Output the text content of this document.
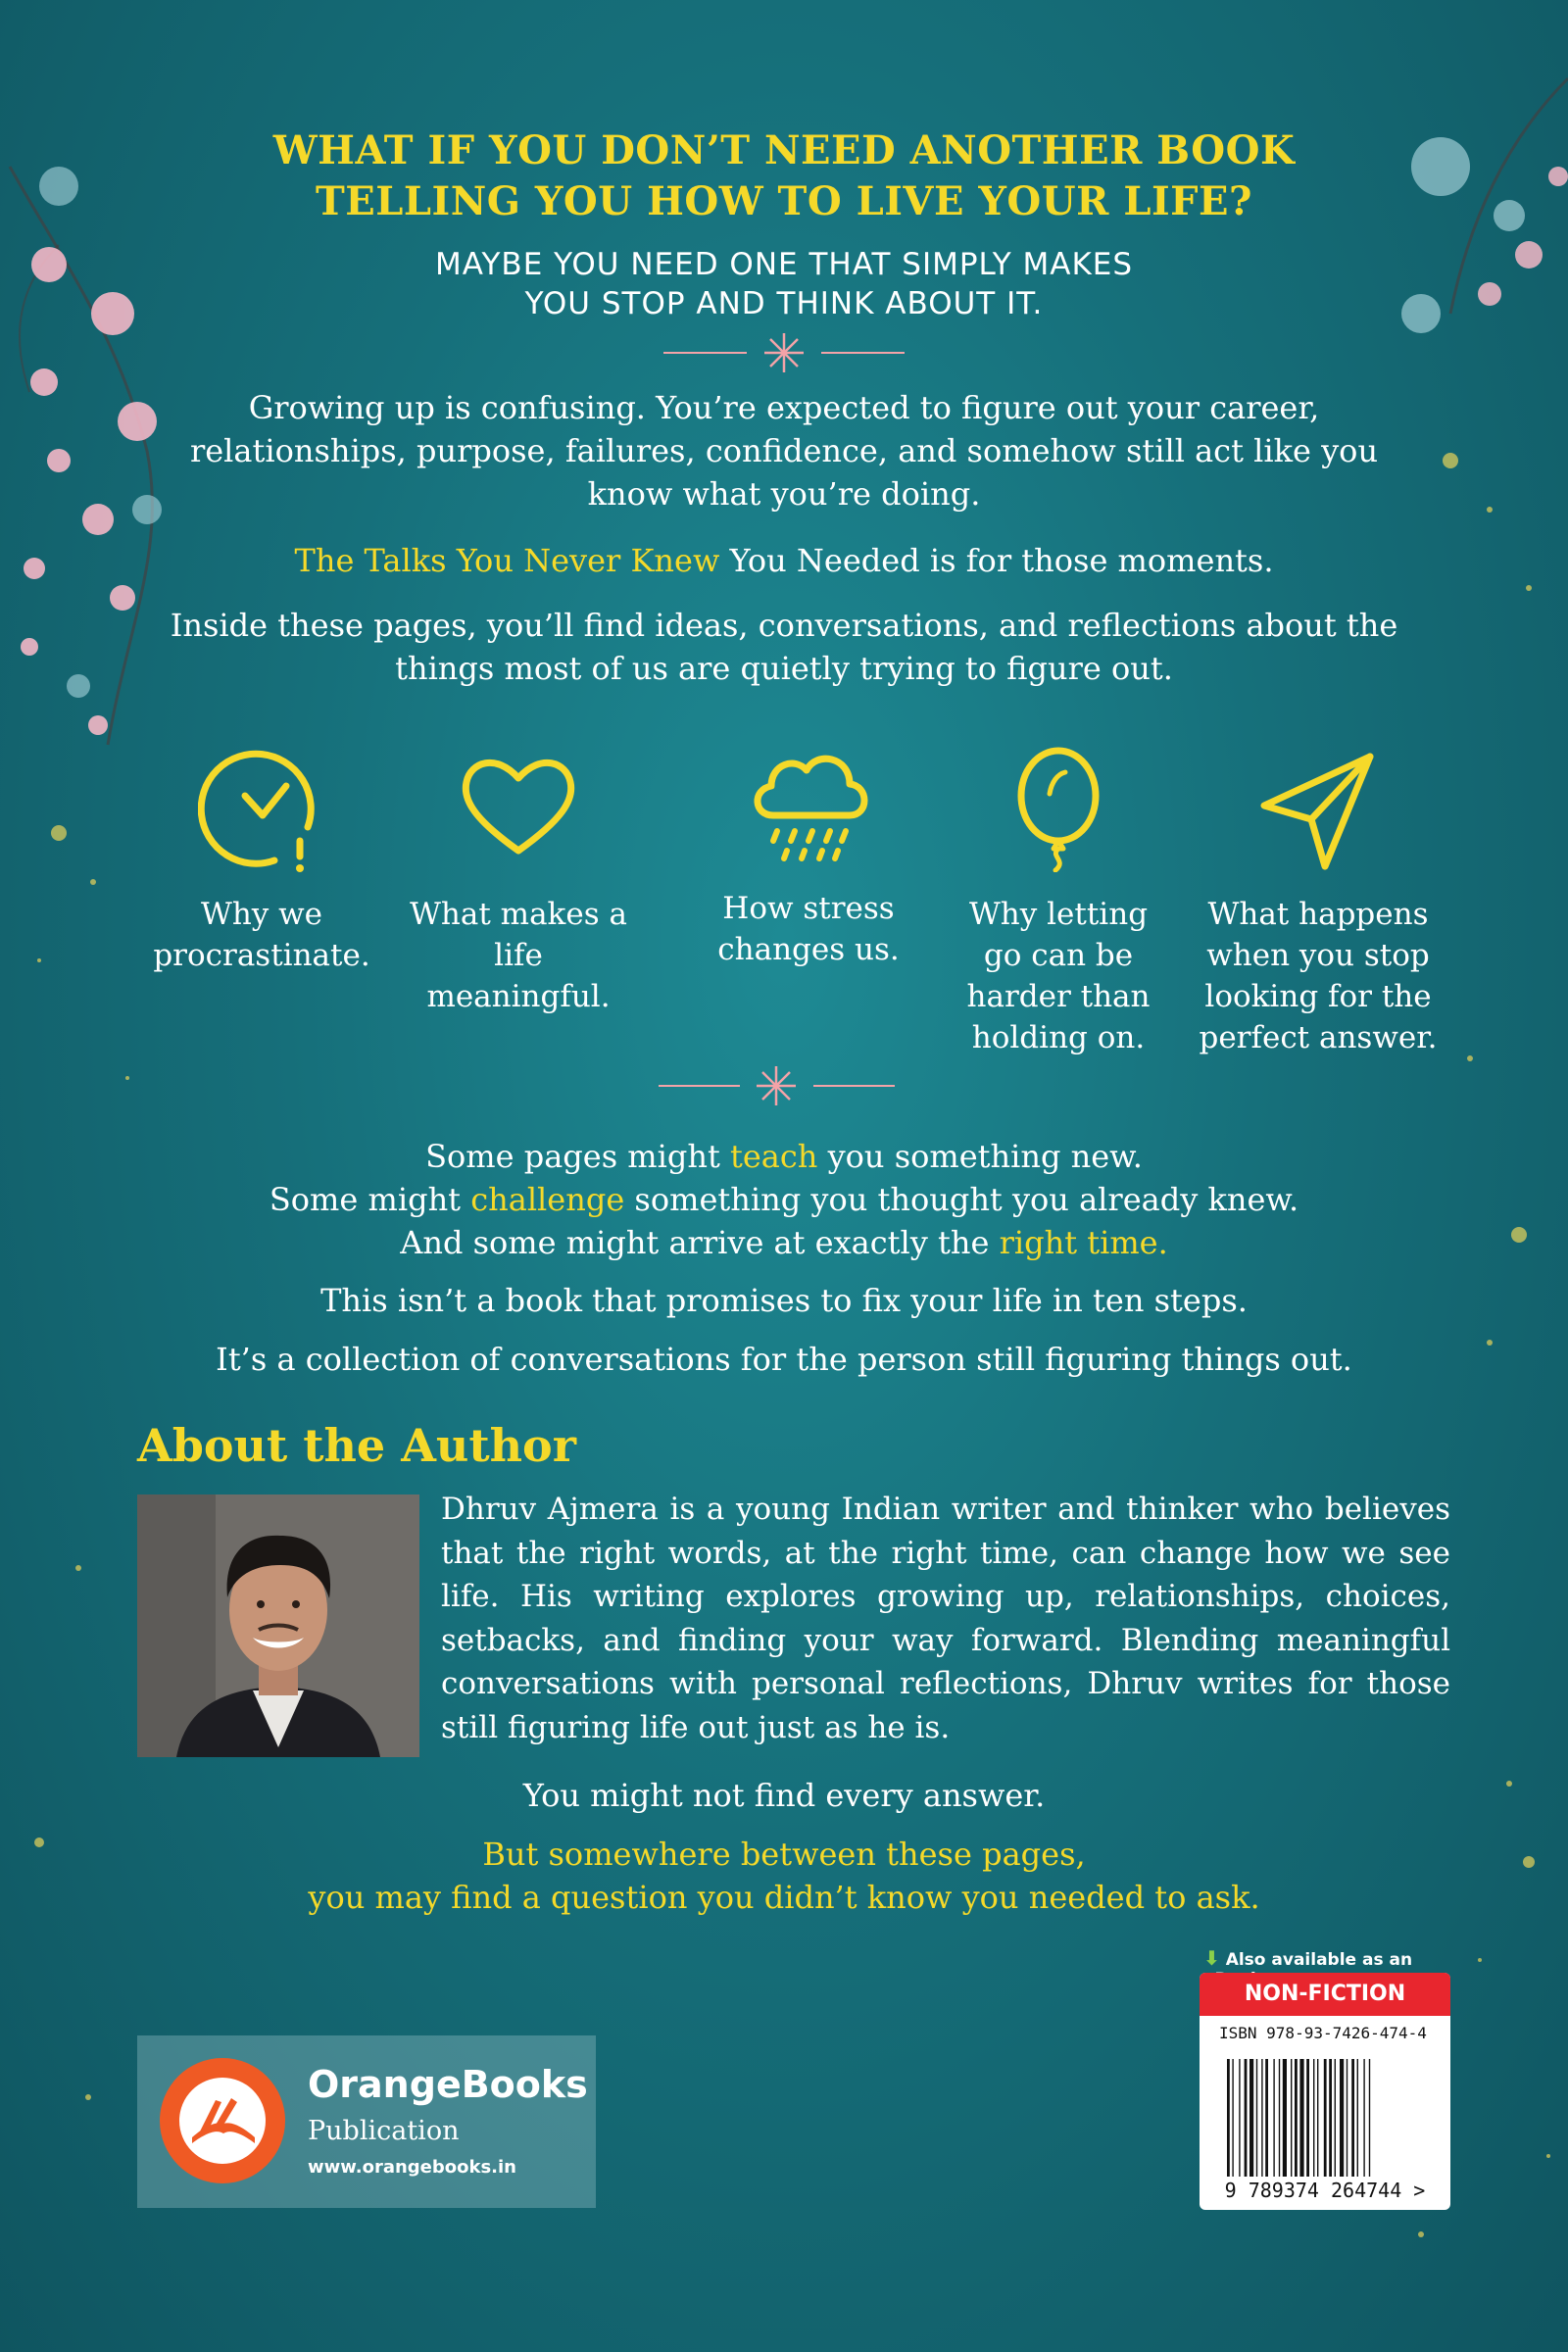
WHAT IF YOU DON’T NEED ANOTHER BOOK
TELLING YOU HOW TO LIVE YOUR LIFE?
MAYBE YOU NEED ONE THAT SIMPLY MAKES
YOU STOP AND THINK ABOUT IT.
Growing up is confusing. You’re expected to figure out your career,
relationships, purpose, failures, confidence, and somehow still act like you
know what you’re doing.
The Talks You Never Knew You Needed is for those moments.
Inside these pages, you’ll find ideas, conversations, and reflections about the
things most of us are quietly trying to figure out.
Why we
procrastinate.
What makes a life
meaningful.
How stress
changes us.
Why letting
go can be
harder than
holding on.
What happens
when you stop
looking for the
perfect answer.
Some pages might teach you something new.
Some might challenge something you thought you already knew.
And some might arrive at exactly the right time.
This isn’t a book that promises to fix your life in ten steps.
It’s a collection of conversations for the person still figuring things out.
About the Author
Dhruv Ajmera is a young Indian writer and thinker who believes that the right words, at the right time, can change how we see life. His writing explores growing up, relationships, choices, setbacks, and finding your way forward. Blending meaningful conversations with personal reflections, Dhruv writes for those still figuring life out just as he is.
You might not find every answer.
But somewhere between these pages,
you may find a question you didn’t know you needed to ask.
OrangeBooks
Publication
www.orangebooks.in
⬇ Also available as an
NON-FICTION
ISBN 978-93-7426-474-4
9 789374 264744 >
